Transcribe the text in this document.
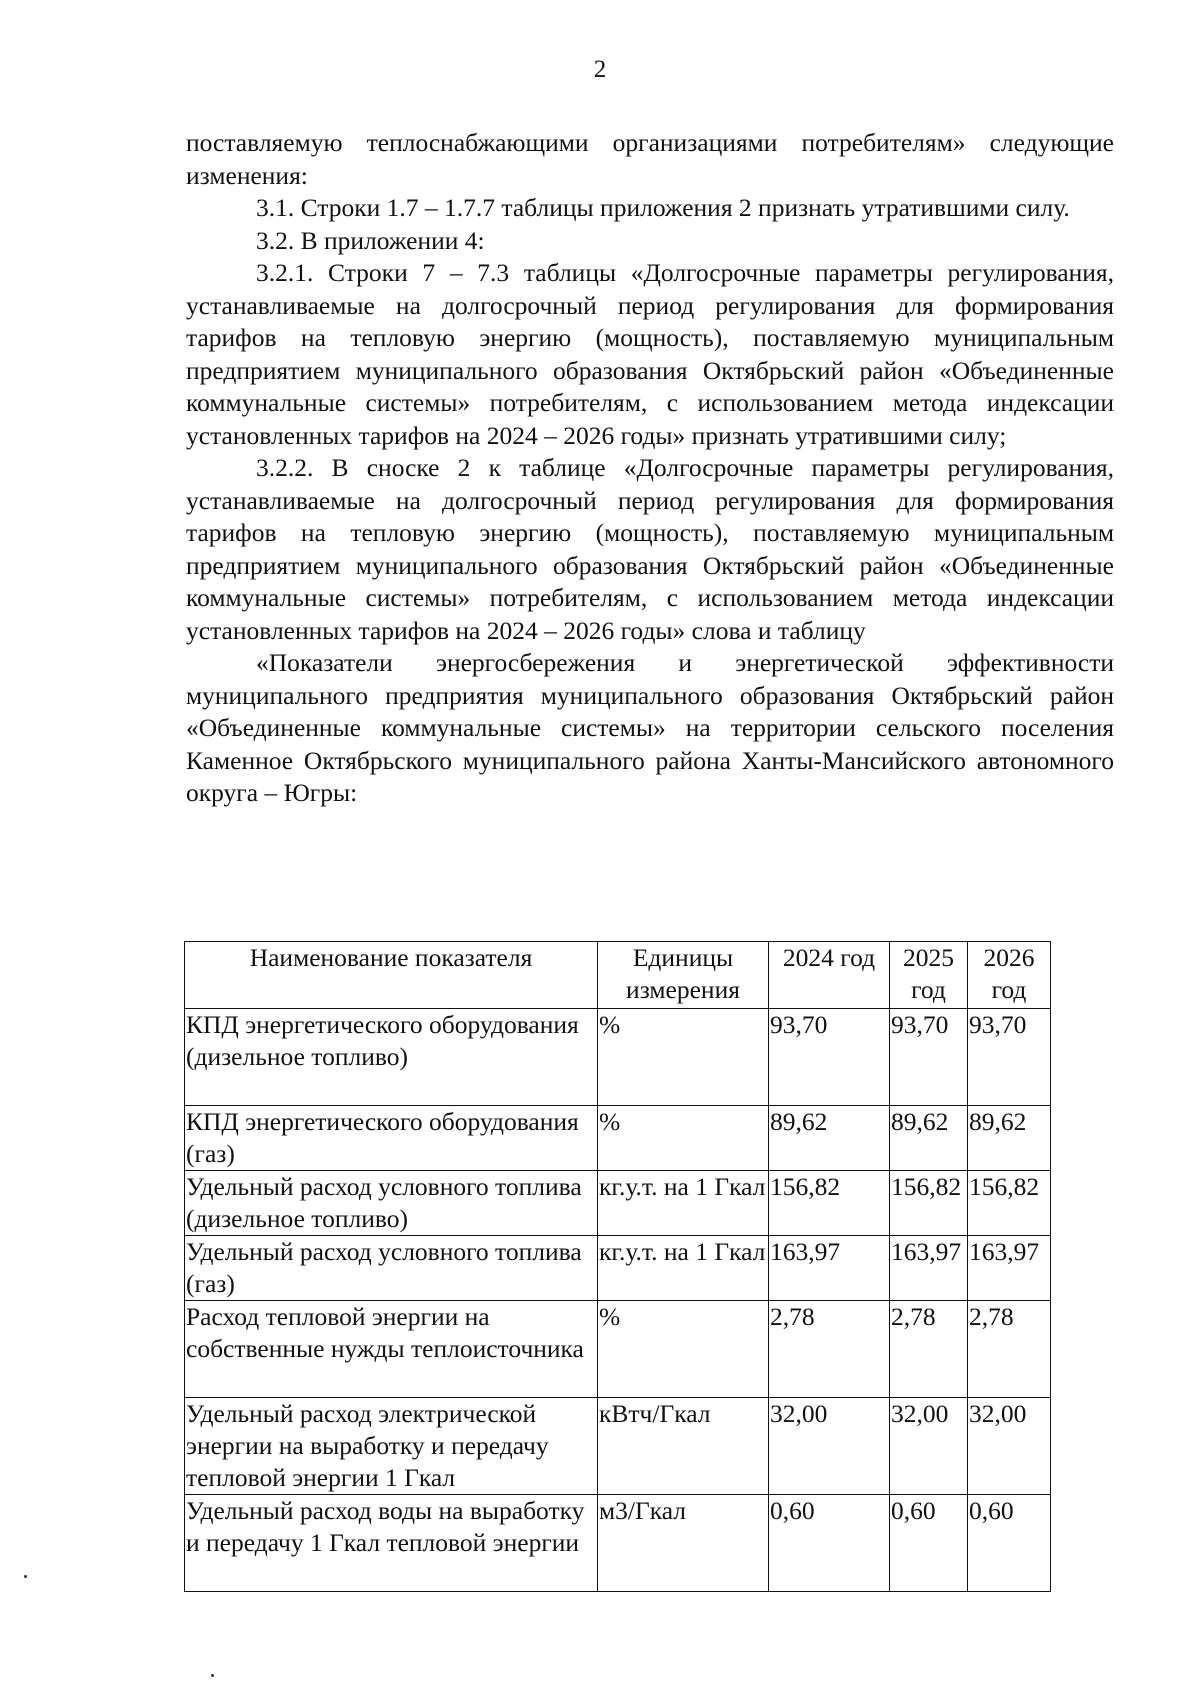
2

поставляемую теплоснабжающими организациями потребителям» следующие изменения:

3.1. Строки 1.7 – 1.7.7 таблицы приложения 2 признать утратившими силу.

3.2. В приложении 4:

3.2.1. Строки 7 – 7.3 таблицы «Долгосрочные параметры регулирования, устанавливаемые на долгосрочный период регулирования для формирования тарифов на тепловую энергию (мощность), поставляемую муниципальным предприятием муниципального образования Октябрьский район «Объединенные коммунальные системы» потребителям, с использованием метода индексации установленных тарифов на 2024 – 2026 годы» признать утратившими силу;

3.2.2. В сноске 2 к таблице «Долгосрочные параметры регулирования, устанавливаемые на долгосрочный период регулирования для формирования тарифов на тепловую энергию (мощность), поставляемую муниципальным предприятием муниципального образования Октябрьский район «Объединенные коммунальные системы» потребителям, с использованием метода индексации установленных тарифов на 2024 – 2026 годы» слова и таблицу

«Показатели энергосбережения и энергетической эффективности муниципального предприятия муниципального образования Октябрьский район «Объединенные коммунальные системы» на территории сельского поселения Каменное Октябрьского муниципального района Ханты-Мансийского автономного округа – Югры:

Наименование показателя	Единицы измерения	2024 год	2025 год	2026 год
КПД энергетического оборудования (дизельное топливо)	%	93,70	93,70	93,70
КПД энергетического оборудования (газ)	%	89,62	89,62	89,62
Удельный расход условного топлива (дизельное топливо)	кг.у.т. на 1 Гкал	156,82	156,82	156,82
Удельный расход условного топлива (газ)	кг.у.т. на 1 Гкал	163,97	163,97	163,97
Расход тепловой энергии на собственные нужды теплоисточника	%	2,78	2,78	2,78
Удельный расход электрической энергии на выработку и передачу тепловой энергии 1 Гкал	кВтч/Гкал	32,00	32,00	32,00
Удельный расход воды на выработку и передачу 1 Гкал тепловой энергии	м3/Гкал	0,60	0,60	0,60
